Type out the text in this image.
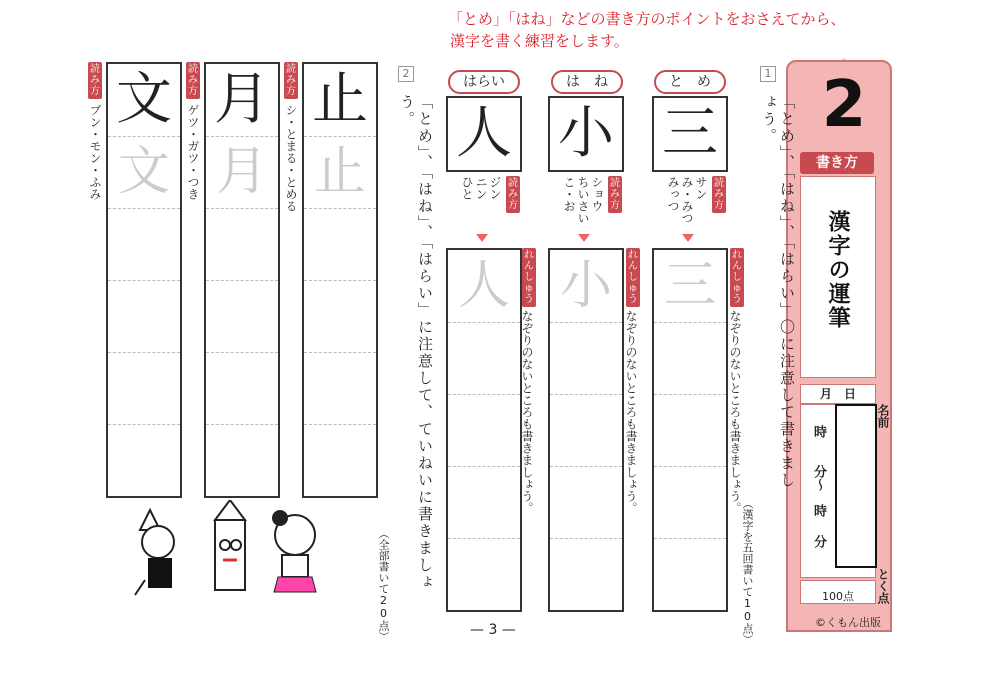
「とめ」「はね」などの書き方のポイントをおさえてから、
漢字を書く練習をします。
2
書き方
漢字の運筆
月　日
時
分〜　時
分
名前
100点	とく点
©くもん出版
1
「とめ」、「はね」、「はらい」〇に注意して書きましょう。
（漢字を五回書いて10点）
と　め
三
読み方
サン
み・みつ
みっつ
三
れんしゅう
なぞりのないところも書きましょう。
は　ね
小
読み方
ショウ
ちいさい
こ・お
小
れんしゅう
なぞりのないところも書きましょう。
はらい
人
読み方
ジン
ニン
ひと
人
れんしゅう
なぞりのないところも書きましょう。
2
「とめ」、「はね」、「はらい」に注意して、ていねいに書きましょう。
（全部書いて20点）
止
止
読み方
シ・とまる・とめる
月
月
読み方
ゲツ・ガツ・つき
文
文
読み方
ブン・モン・ふみ
— 3 —
